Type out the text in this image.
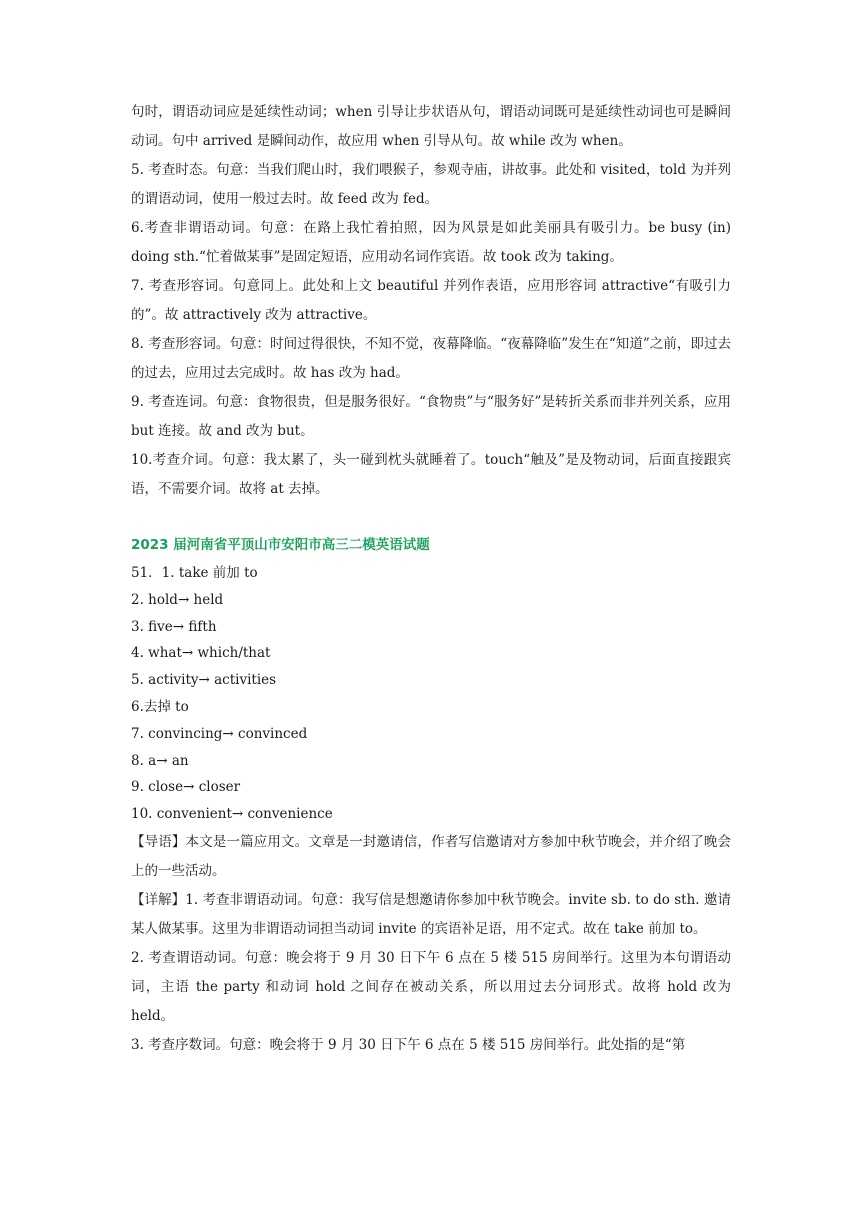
句时，谓语动词应是延续性动词；when 引导让步状语从句，谓语动词既可是延续性动词也可是瞬间动词。句中 arrived 是瞬间动作，故应用 when 引导从句。故 while 改为 when。

5. 考查时态。句意：当我们爬山时，我们喂猴子，参观寺庙，讲故事。此处和 visited，told 为并列的谓语动词，使用一般过去时。故 feed 改为 fed。

6.考查非谓语动词。句意：在路上我忙着拍照，因为风景是如此美丽具有吸引力。be busy (in) doing sth.“忙着做某事”是固定短语，应用动名词作宾语。故 took 改为 taking。

7. 考查形容词。句意同上。此处和上文 beautiful 并列作表语，应用形容词 attractive“有吸引力的”。故 attractively 改为 attractive。

8. 考查形容词。句意：时间过得很快，不知不觉，夜幕降临。“夜幕降临”发生在“知道”之前，即过去的过去，应用过去完成时。故 has 改为 had。

9. 考查连词。句意：食物很贵，但是服务很好。“食物贵”与“服务好”是转折关系而非并列关系，应用 but 连接。故 and 改为 but。

10.考查介词。句意：我太累了，头一碰到枕头就睡着了。touch“触及”是及物动词，后面直接跟宾语，不需要介词。故将 at 去掉。

2023 届河南省平顶山市安阳市高三二模英语试题

51．1. take 前加 to

2. hold→ held

3. five→ fifth

4. what→ which/that

5. activity→ activities

6.去掉 to

7. convincing→ convinced

8. a→ an

9. close→ closer

10. convenient→ convenience

【导语】本文是一篇应用文。文章是一封邀请信，作者写信邀请对方参加中秋节晚会，并介绍了晚会上的一些活动。

【详解】1. 考查非谓语动词。句意：我写信是想邀请你参加中秋节晚会。invite sb. to do sth. 邀请某人做某事。这里为非谓语动词担当动词 invite 的宾语补足语，用不定式。故在 take 前加 to。

2. 考查谓语动词。句意：晚会将于 9 月 30 日下午 6 点在 5 楼 515 房间举行。这里为本句谓语动词，主语 the party 和动词 hold 之间存在被动关系，所以用过去分词形式。故将 hold 改为 held。

3. 考查序数词。句意：晚会将于 9 月 30 日下午 6 点在 5 楼 515 房间举行。此处指的是“第
